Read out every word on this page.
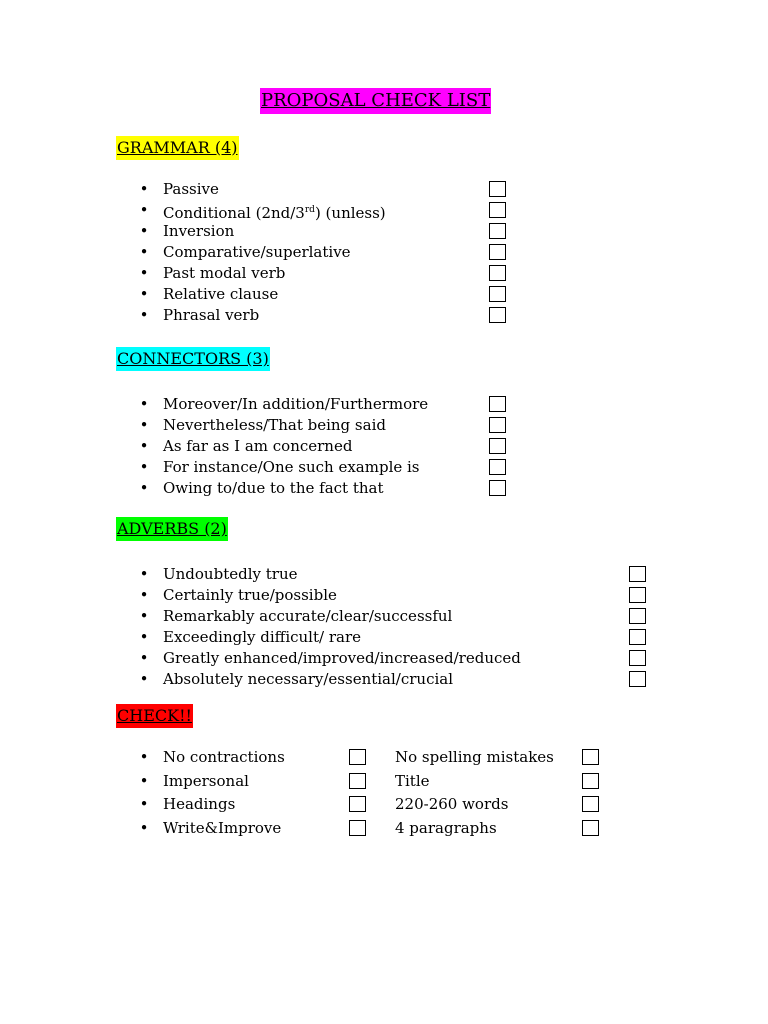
PROPOSAL CHECK LIST
GRAMMAR (4)
• Passive
• Conditional (2nd/3rd) (unless)
• Inversion
• Comparative/superlative
• Past modal verb
• Relative clause
• Phrasal verb
CONNECTORS (3)
• Moreover/In addition/Furthermore
• Nevertheless/That being said
• As far as I am concerned
• For instance/One such example is
• Owing to/due to the fact that
ADVERBS (2)
• Undoubtedly true
• Certainly true/possible
• Remarkably accurate/clear/successful
• Exceedingly difficult/ rare
• Greatly enhanced/improved/increased/reduced
• Absolutely necessary/essential/crucial
CHECK!!
• No contractions
• Impersonal
• Headings
• Write&Improve
No spelling mistakes
Title
220-260 words
4 paragraphs
